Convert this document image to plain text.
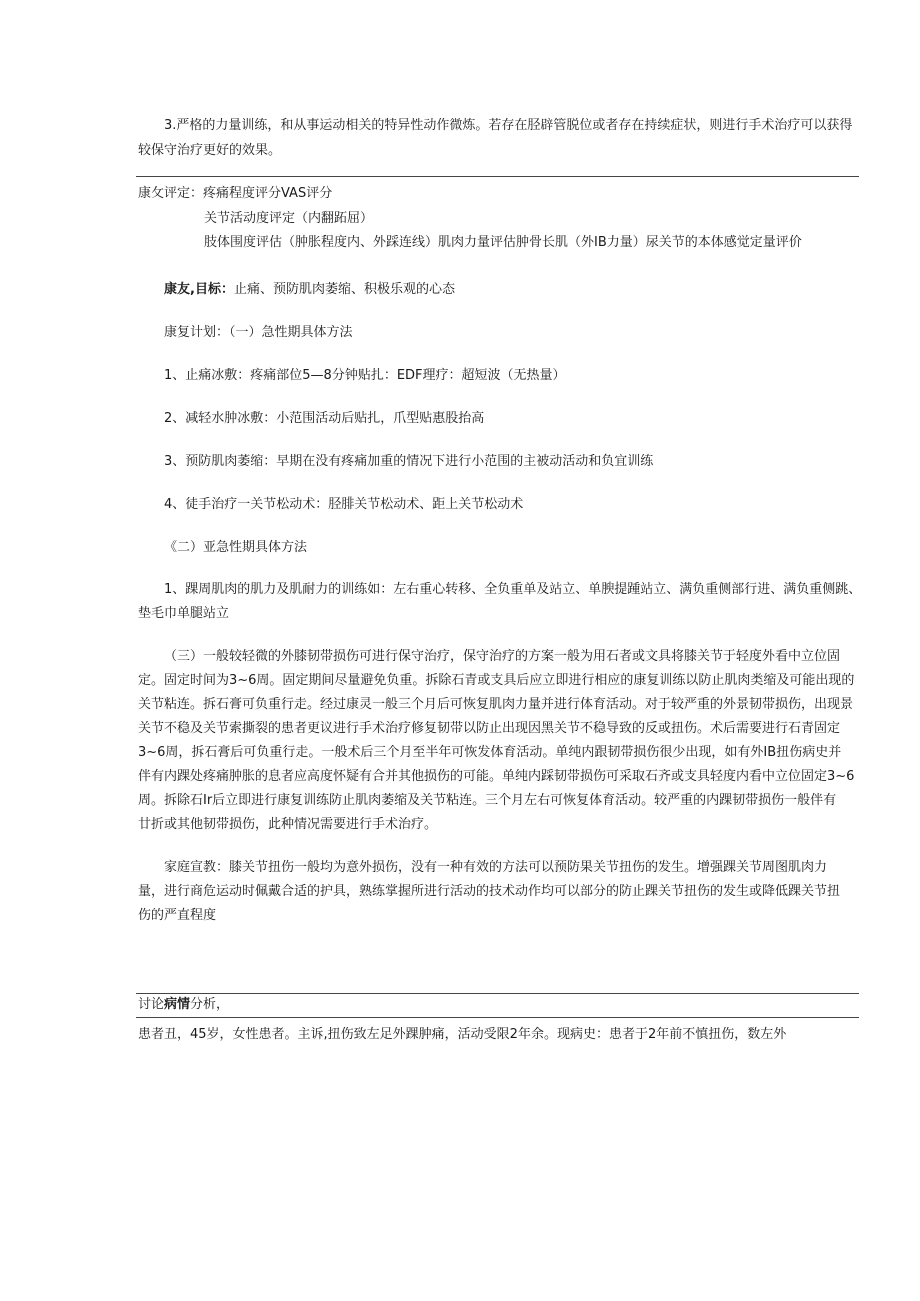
3.严格的力量训练，和从事运动相关的特异性动作微炼。若存在胫辟管脱位或者存在持续症状，则进行手术治疗可以获得
较保守治疗更好的效果。
康攵评定：疼痛程度评分VAS评分
关节活动度评定（内翻跖屈）
肢体围度评估（肿胀程度内、外踩连线）肌肉力量评估肿骨长肌（外IB力量）尿关节的本体感觉定量评价
康友,目标：止痛、预防肌肉萎缩、积极乐观的心态
康复计划：（一）急性期具体方法
1、止痛冰敷：疼痛部位5—8分钟贴扎：EDF理疗：超短波（无热量）
2、减轻水肿冰敷：小范围活动后贴扎，爪型贴惠股抬高
3、预防肌肉萎缩：早期在没有疼痛加重的情况下进行小范围的主被动活动和负宜训练
4、徒手治疗一关节松动术：胫腓关节松动术、距上关节松动术
《二）亚急性期具体方法
1、踝周肌肉的肌力及肌耐力的训练如：左右重心转移、全负重单及站立、单腴提踵站立、满负重侧部行进、满负重侧跳、
垫毛巾单腿站立
（三）一般较轻微的外膝韧带损伤可进行保守治疗，保守治疗的方案一般为用石者或文具将膝关节于轻度外看中立位固
定。固定时间为3~6周。固定期间尽量避免负重。拆除石青或支具后应立即进行相应的康复训练以防止肌肉类缩及可能出现的
关节粘连。拆石膏可负重行走。经过康灵一般三个月后可恢复肌肉力量并进行体育活动。对于较严重的外景韧带损伤，出现景
关节不稳及关节索撕裂的患者更议进行手术治疗修复韧带以防止出现因黑关节不稳导致的反或扭伤。术后需要进行石青固定
3~6周，拆石膏后可负重行走。一般术后三个月至半年可恢发体育活动。单纯内跟韧带损伤很少出现，如有外IB扭伤病史并
伴有内踝处疼痛肿胀的息者应高度怀疑有合并其他损伤的可能。单纯内踩韧带损伤可采取石齐或支具轻度内看中立位固定3~6
周。拆除石Ir后立即进行康复训练防止肌肉萎缩及关节粘连。三个月左右可恢复体育活动。较严重的内踝韧带损伤一般伴有
廿折或其他韧带损伤，此种情况需要进行手术治疗。
家庭宣教：膝关节扭伤一般均为意外损伤，没有一种有效的方法可以预防果关节扭伤的发生。增强踝关节周图肌肉力
量，进行商危运动时佩戴合适的护具，熟练掌握所进行活动的技术动作均可以部分的防止踝关节扭伤的发生或降低踝关节扭
伤的严直程度
讨论病情分析，
患者丑，45岁，女性患者。主诉,扭伤致左足外踝肿痛，活动受限2年余。现病史：患者于2年前不慎扭伤，数左外
